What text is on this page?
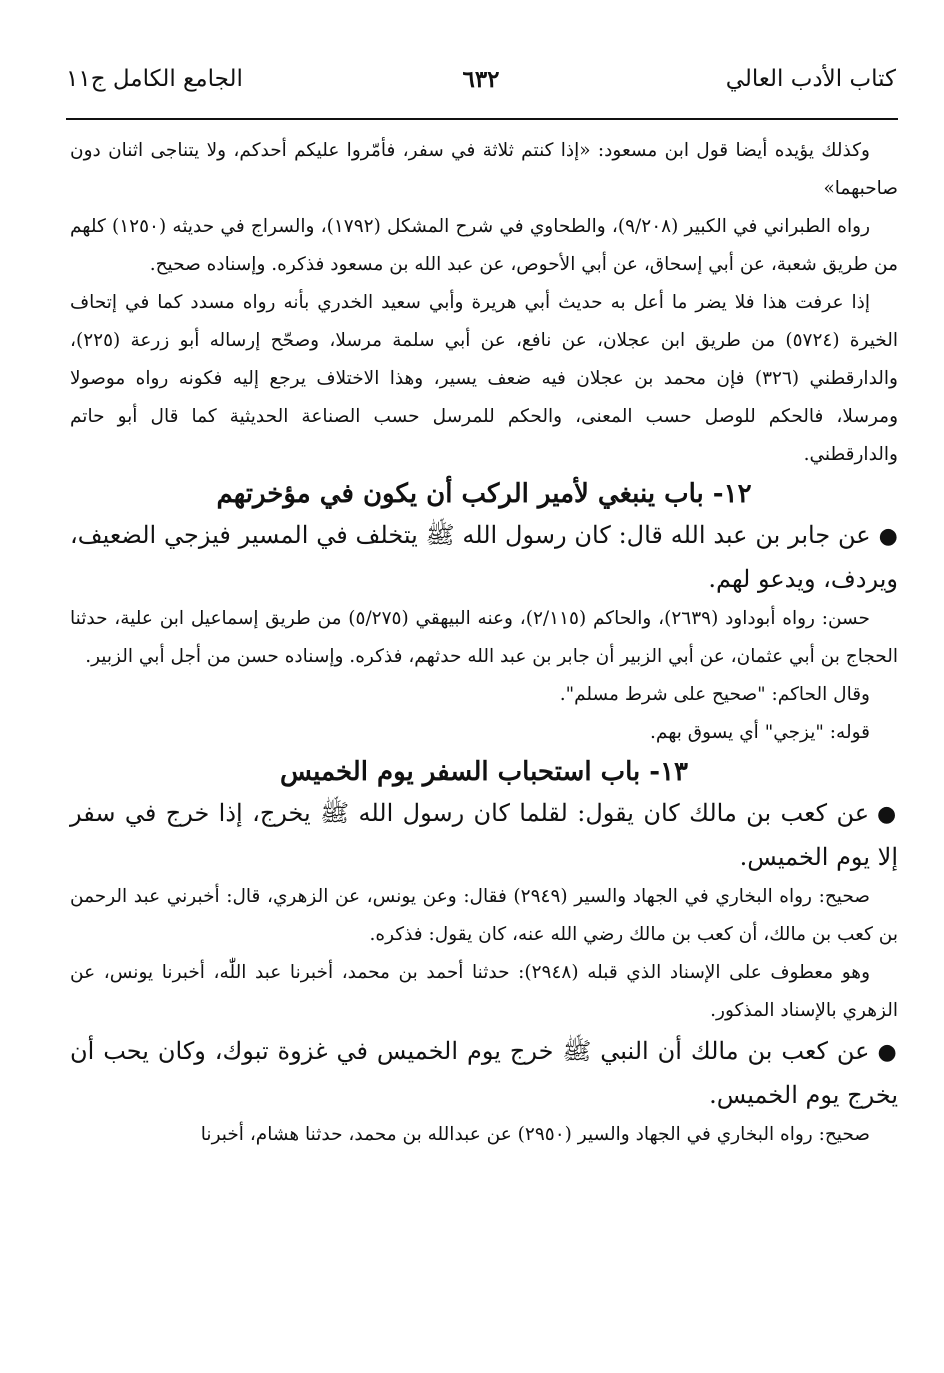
كتاب الأدب العالي
٦٣٢
الجامع الكامل ج١١

وكذلك يؤيده أيضا قول ابن مسعود: «إذا كنتم ثلاثة في سفر، فأمّروا عليكم أحدكم، ولا يتناجى اثنان دون صاحبهما»

رواه الطبراني في الكبير (٩/٢٠٨)، والطحاوي في شرح المشكل (١٧٩٢)، والسراج في حديثه (١٢٥٠) كلهم من طريق شعبة، عن أبي إسحاق، عن أبي الأحوص، عن عبد الله بن مسعود فذكره. وإسناده صحيح.

إذا عرفت هذا فلا يضر ما أعل به حديث أبي هريرة وأبي سعيد الخدري بأنه رواه مسدد كما في إتحاف الخيرة (٥٧٢٤) من طريق ابن عجلان، عن نافع، عن أبي سلمة مرسلا، وصحّح إرساله أبو زرعة (٢٢٥)، والدارقطني (٣٢٦) فإن محمد بن عجلان فيه ضعف يسير، وهذا الاختلاف يرجع إليه فكونه رواه موصولا ومرسلا، فالحكم للوصل حسب المعنى، والحكم للمرسل حسب الصناعة الحديثية كما قال أبو حاتم والدارقطني.

١٢- باب ينبغي لأمير الركب أن يكون في مؤخرتهم

●عن جابر بن عبد الله قال: كان رسول الله ﷺ يتخلف في المسير فيزجي الضعيف، ويردف، ويدعو لهم.

حسن: رواه أبوداود (٢٦٣٩)، والحاكم (٢/١١٥)، وعنه البيهقي (٥/٢٧٥) من طريق إسماعيل ابن علية، حدثنا الحجاج بن أبي عثمان، عن أبي الزبير أن جابر بن عبد الله حدثهم، فذكره. وإسناده حسن من أجل أبي الزبير.

وقال الحاكم: "صحيح على شرط مسلم".

قوله: "يزجي" أي يسوق بهم.

١٣- باب استحباب السفر يوم الخميس

●عن كعب بن مالك كان يقول: لقلما كان رسول الله ﷺ يخرج، إذا خرج في سفر إلا يوم الخميس.

صحيح: رواه البخاري في الجهاد والسير (٢٩٤٩) فقال: وعن يونس، عن الزهري، قال: أخبرني عبد الرحمن بن كعب بن مالك، أن كعب بن مالك رضي الله عنه، كان يقول: فذكره.

وهو معطوف على الإسناد الذي قبله (٢٩٤٨): حدثنا أحمد بن محمد، أخبرنا عبد اللّٰه، أخبرنا يونس، عن الزهري بالإسناد المذكور.

●عن كعب بن مالك أن النبي ﷺ خرج يوم الخميس في غزوة تبوك، وكان يحب أن يخرج يوم الخميس.

صحيح: رواه البخاري في الجهاد والسير (٢٩٥٠) عن عبدالله بن محمد، حدثنا هشام، أخبرنا
